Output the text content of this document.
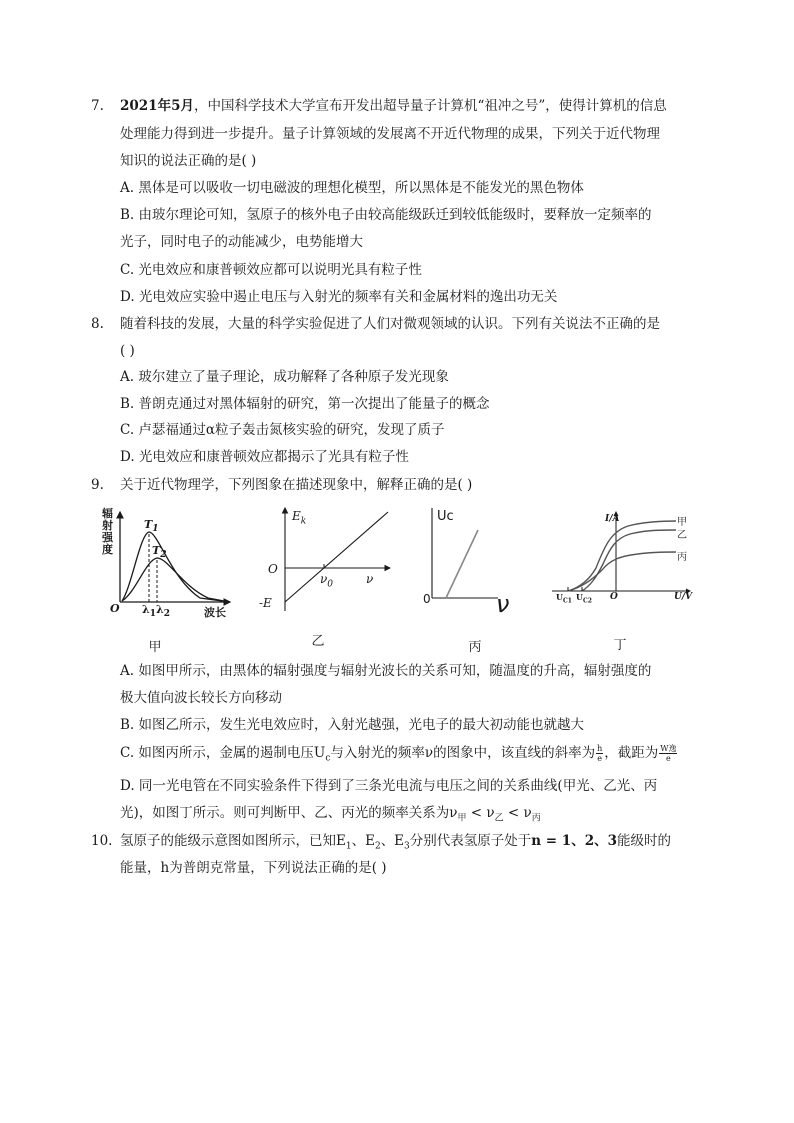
7.	2021年5月，中国科学技术大学宣布开发出超导量子计算机“祖冲之号”，使得计算机的信息
处理能力得到进一步提升。量子计算领域的发展离不开近代物理的成果，下列关于近代物理
知识的说法正确的是( )
A. 黑体是可以吸收一切电磁波的理想化模型，所以黑体是不能发光的黑色物体
B. 由玻尔理论可知，氢原子的核外电子由较高能级跃迁到较低能级时，要释放一定频率的
光子，同时电子的动能减少，电势能增大
C. 光电效应和康普顿效应都可以说明光具有粒子性
D. 光电效应实验中遏止电压与入射光的频率有关和金属材料的逸出功无关
8.	随着科技的发展，大量的科学实验促进了人们对微观领域的认识。下列有关说法不正确的是
( )
A. 玻尔建立了量子理论，成功解释了各种原子发光现象
B. 普朗克通过对黑体辐射的研究，第一次提出了能量子的概念
C. 卢瑟福通过α粒子轰击氮核实验的研究，发现了质子
D. 光电效应和康普顿效应都揭示了光具有粒子性
9.	关于近代物理学，下列图象在描述现象中，解释正确的是( )
辐
射
强
度
$T_1$
$T_2$
O $\lambda_1$ $\lambda_2$	波长
甲
$E_k$
O
-E
$\nu_0$	ν
乙
Uc
0	ν
丙
I/A	甲
乙
丙
$U_{C1}$ $U_{C2}$ O	U/V
丁
A. 如图甲所示，由黑体的辐射强度与辐射光波长的关系可知，随温度的升高，辐射强度的
极大值向波长较长方向移动
B. 如图乙所示，发生光电效应时，入射光越强，光电子的最大初动能也就越大
C. 如图丙所示，金属的遏制电压$U_c$与入射光的频率ν的图象中，该直线的斜率为 $\frac{h}{e}$ ，截距为 $\frac{\text{W逸}}{e}$
D. 同一光电管在不同实验条件下得到了三条光电流与电压之间的关系曲线(甲光、乙光、丙
光)，如图丁所示。则可判断甲、乙、丙光的频率关系为$\nu_甲 < \nu_乙 < \nu_丙$
10. 氢原子的能级示意图如图所示，已知$E_1$、$E_2$、$E_3$分别代表氢原子处于n = 1、2、3能级时的
能量，h为普朗克常量，下列说法正确的是( )
